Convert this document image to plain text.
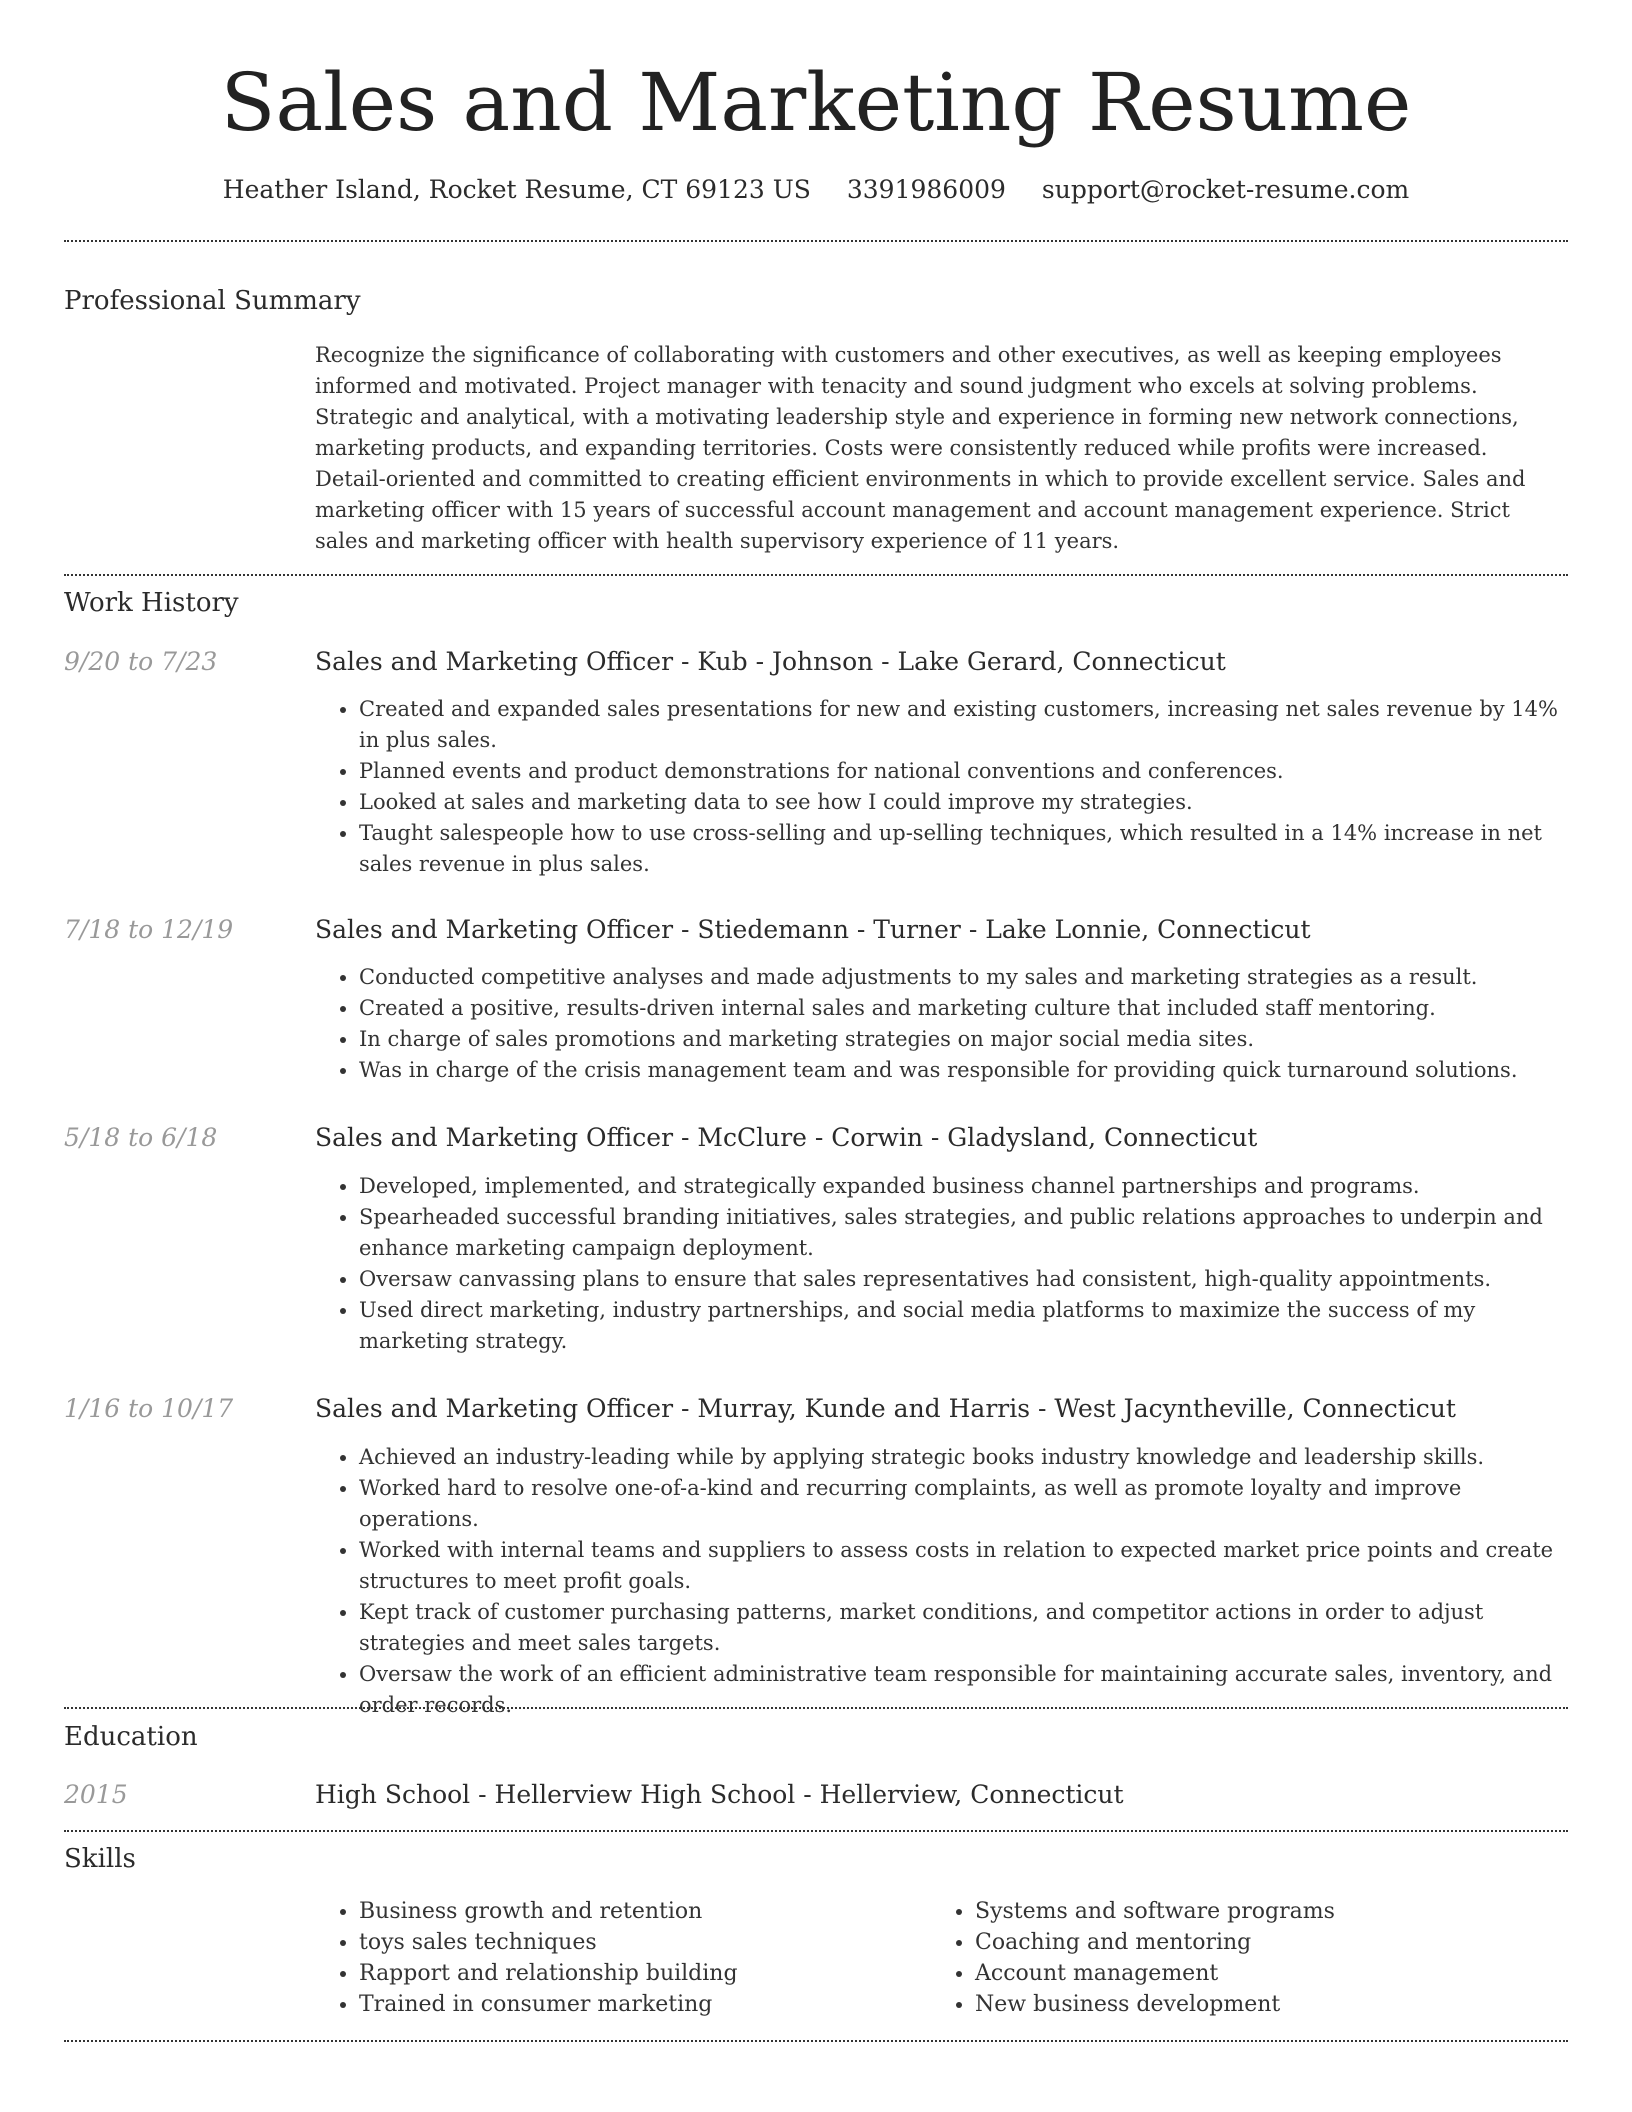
Sales and Marketing Resume
Heather Island, Rocket Resume, CT 69123 US 3391986009 support@rocket-resume.com
Professional Summary
Recognize the significance of collaborating with customers and other executives, as well as keeping employees informed and motivated. Project manager with tenacity and sound judgment who excels at solving problems. Strategic and analytical, with a motivating leadership style and experience in forming new network connections, marketing products, and expanding territories. Costs were consistently reduced while profits were increased. Detail-oriented and committed to creating efficient environments in which to provide excellent service. Sales and marketing officer with 15 years of successful account management and account management experience. Strict sales and marketing officer with health supervisory experience of 11 years.
Work History
9/20 to 7/23	Sales and Marketing Officer - Kub - Johnson - Lake Gerard, Connecticut
• Created and expanded sales presentations for new and existing customers, increasing net sales revenue by 14% in plus sales.
• Planned events and product demonstrations for national conventions and conferences.
• Looked at sales and marketing data to see how I could improve my strategies.
• Taught salespeople how to use cross-selling and up-selling techniques, which resulted in a 14% increase in net sales revenue in plus sales.
7/18 to 12/19	Sales and Marketing Officer - Stiedemann - Turner - Lake Lonnie, Connecticut
• Conducted competitive analyses and made adjustments to my sales and marketing strategies as a result.
• Created a positive, results-driven internal sales and marketing culture that included staff mentoring.
• In charge of sales promotions and marketing strategies on major social media sites.
• Was in charge of the crisis management team and was responsible for providing quick turnaround solutions.
5/18 to 6/18	Sales and Marketing Officer - McClure - Corwin - Gladysland, Connecticut
• Developed, implemented, and strategically expanded business channel partnerships and programs.
• Spearheaded successful branding initiatives, sales strategies, and public relations approaches to underpin and enhance marketing campaign deployment.
• Oversaw canvassing plans to ensure that sales representatives had consistent, high-quality appointments.
• Used direct marketing, industry partnerships, and social media platforms to maximize the success of my marketing strategy.
1/16 to 10/17	Sales and Marketing Officer - Murray, Kunde and Harris - West Jacyntheville, Connecticut
• Achieved an industry-leading while by applying strategic books industry knowledge and leadership skills.
• Worked hard to resolve one-of-a-kind and recurring complaints, as well as promote loyalty and improve operations.
• Worked with internal teams and suppliers to assess costs in relation to expected market price points and create structures to meet profit goals.
• Kept track of customer purchasing patterns, market conditions, and competitor actions in order to adjust strategies and meet sales targets.
• Oversaw the work of an efficient administrative team responsible for maintaining accurate sales, inventory, and order records.
Education
2015	High School - Hellerview High School - Hellerview, Connecticut
Skills
• Business growth and retention
• toys sales techniques
• Rapport and relationship building
• Trained in consumer marketing
• Systems and software programs
• Coaching and mentoring
• Account management
• New business development
